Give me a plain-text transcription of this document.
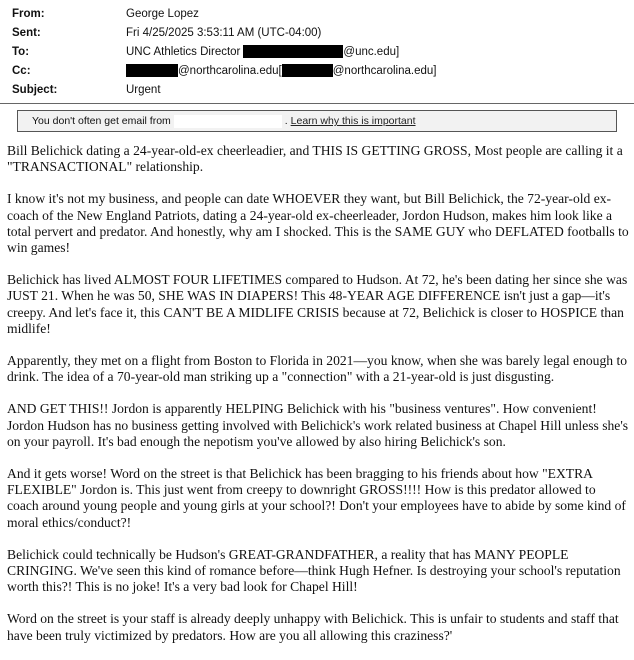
From:	George Lopez
Sent:	Fri 4/25/2025 3:53:11 AM (UTC-04:00)
To:	UNC Athletics Director	@unc.edu]
Cc:	@northcarolina.edu[	@northcarolina.edu]
Subject:	Urgent
You don't often get email from	. Learn why this is important

Bill Belichick dating a 24-year-old-ex cheerleadier, and THIS IS GETTING GROSS, Most people are calling it a "TRANSACTIONAL" relationship.

I know it's not my business, and people can date WHOEVER they want, but Bill Belichick, the 72-year-old ex-coach of the New England Patriots, dating a 24-year-old ex-cheerleader, Jordon Hudson, makes him look like a total pervert and predator. And honestly, why am I shocked. This is the SAME GUY who DEFLATED footballs to win games!

Belichick has lived ALMOST FOUR LIFETIMES compared to Hudson. At 72, he's been dating her since she was JUST 21. When he was 50, SHE WAS IN DIAPERS! This 48-YEAR AGE DIFFERENCE isn't just a gap—it's creepy. And let's face it, this CAN'T BE A MIDLIFE CRISIS because at 72, Belichick is closer to HOSPICE than midlife!

Apparently, they met on a flight from Boston to Florida in 2021—you know, when she was barely legal enough to drink. The idea of a 70-year-old man striking up a "connection" with a 21-year-old is just disgusting.

AND GET THIS!! Jordon is apparently HELPING Belichick with his "business ventures". How convenient! Jordon Hudson has no business getting involved with Belichick's work related business at Chapel Hill unless she's on your payroll. It's bad enough the nepotism you've allowed by also hiring Belichick's son.

And it gets worse! Word on the street is that Belichick has been bragging to his friends about how "EXTRA FLEXIBLE" Jordon is. This just went from creepy to downright GROSS!!!! How is this predator allowed to coach around young people and young girls at your school?! Don't your employees have to abide by some kind of moral ethics/conduct?!

Belichick could technically be Hudson's GREAT-GRANDFATHER, a reality that has MANY PEOPLE CRINGING. We've seen this kind of romance before—think Hugh Hefner. Is destroying your school's reputation worth this?! This is no joke! It's a very bad look for Chapel Hill!

Word on the street is your staff is already deeply unhappy with Belichick. This is unfair to students and staff that have been truly victimized by predators. How are you all allowing this craziness?'
